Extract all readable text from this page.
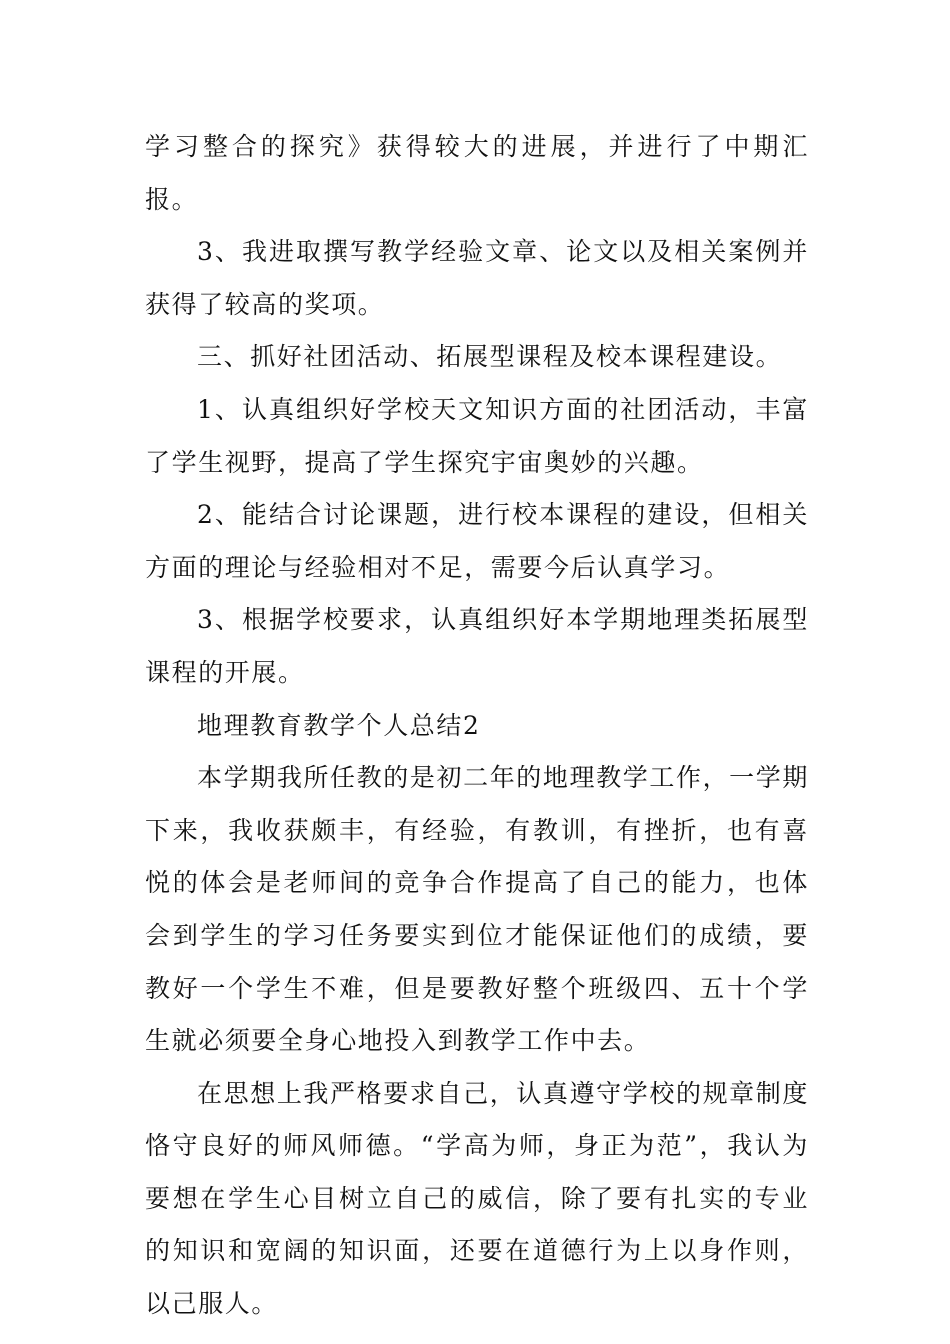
学习整合的探究》获得较大的进展，并进行了中期汇报。

3、我进取撰写教学经验文章、论文以及相关案例并获得了较高的奖项。

三、抓好社团活动、拓展型课程及校本课程建设。

1、认真组织好学校天文知识方面的社团活动，丰富了学生视野，提高了学生探究宇宙奥妙的兴趣。

2、能结合讨论课题，进行校本课程的建设，但相关方面的理论与经验相对不足，需要今后认真学习。

3、根据学校要求，认真组织好本学期地理类拓展型课程的开展。

地理教育教学个人总结2

本学期我所任教的是初二年的地理教学工作，一学期下来，我收获颇丰，有经验，有教训，有挫折，也有喜悦的体会是老师间的竞争合作提高了自己的能力，也体会到学生的学习任务要实到位才能保证他们的成绩，要教好一个学生不难，但是要教好整个班级四、五十个学生就必须要全身心地投入到教学工作中去。

在思想上我严格要求自己，认真遵守学校的规章制度恪守良好的师风师德。“学高为师，身正为范”，我认为要想在学生心目树立自己的威信，除了要有扎实的专业的知识和宽阔的知识面，还要在道德行为上以身作则，以己服人。
